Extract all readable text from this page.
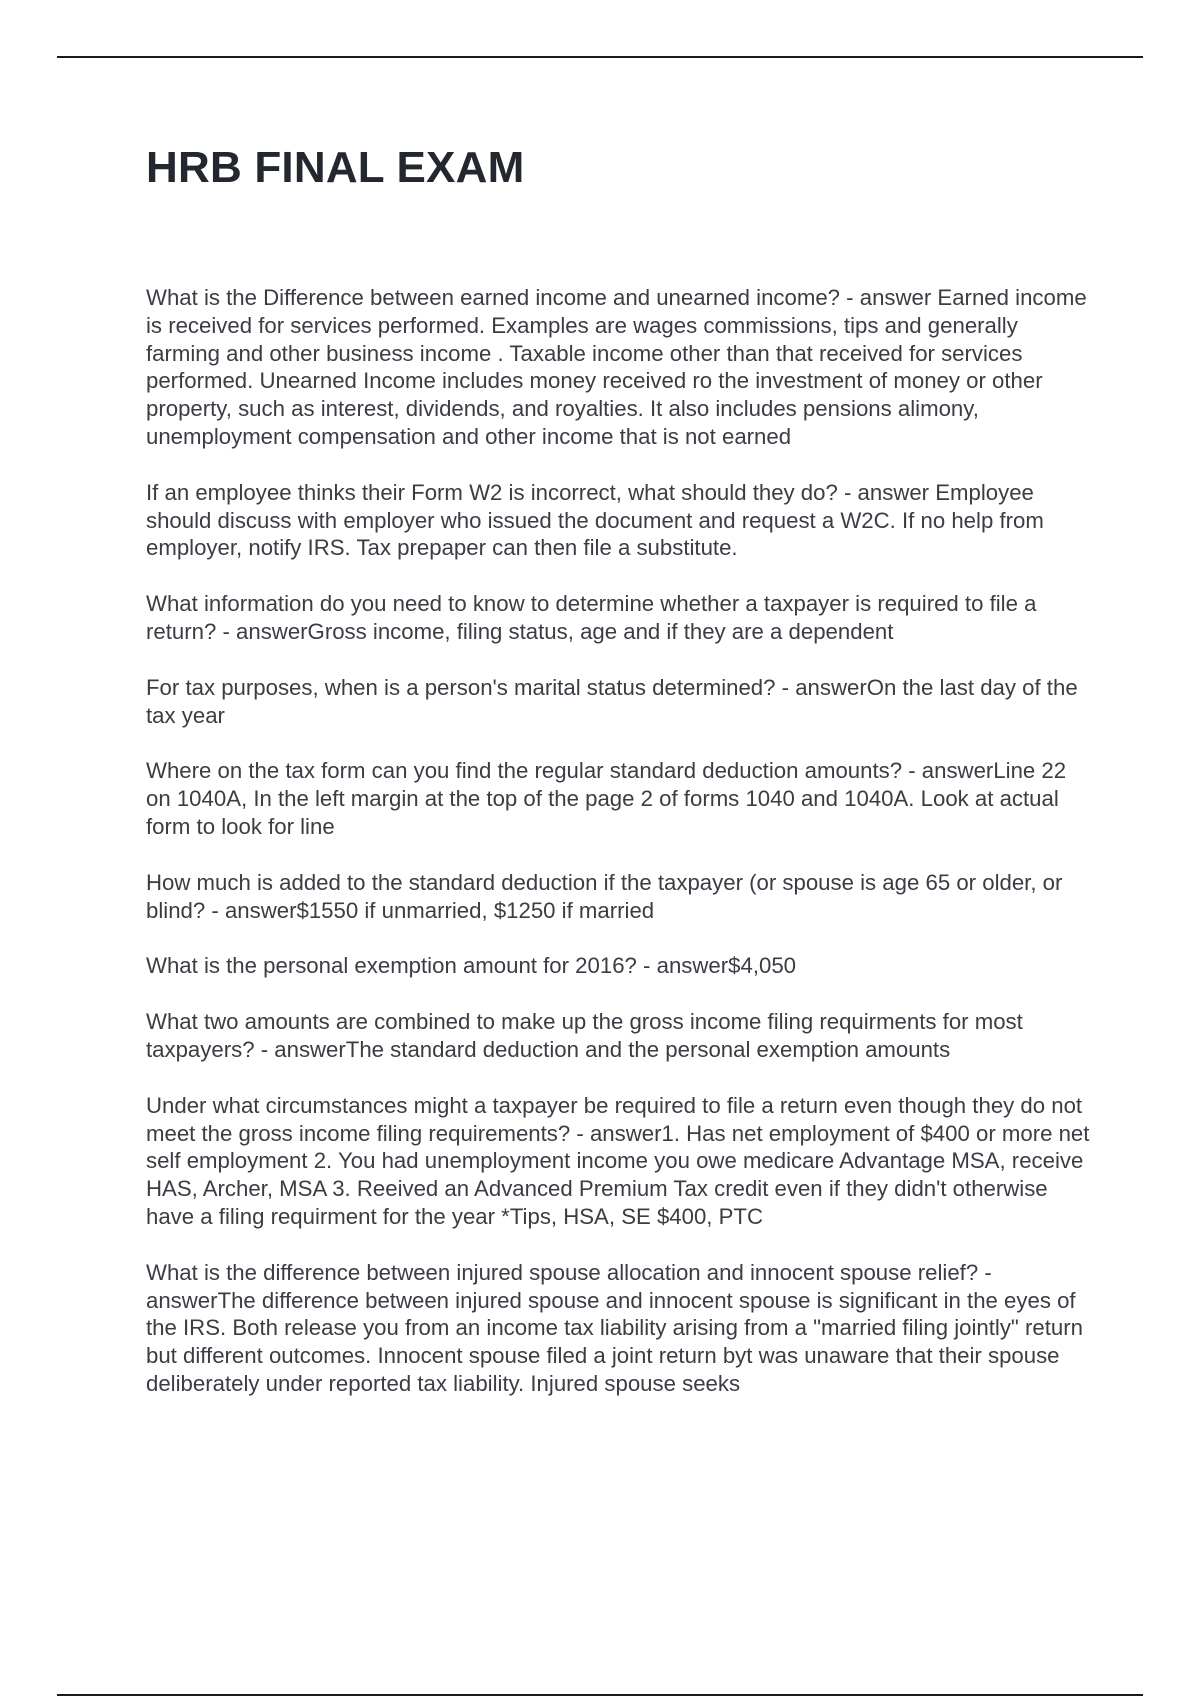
HRB FINAL EXAM

What is the Difference between earned income and unearned income? - answer Earned income is received for services performed. Examples are wages commissions, tips and generally farming and other business income . Taxable income other than that received for services performed. Unearned Income includes money received ro the investment of money or other property, such as interest, dividends, and royalties. It also includes pensions alimony, unemployment compensation and other income that is not earned

If an employee thinks their Form W2 is incorrect, what should they do? - answer Employee should discuss with employer who issued the document and request a W2C. If no help from employer, notify IRS. Tax prepaper can then file a substitute.

What information do you need to know to determine whether a taxpayer is required to file a return? - answerGross income, filing status, age and if they are a dependent

For tax purposes, when is a person's marital status determined? - answerOn the last day of the tax year

Where on the tax form can you find the regular standard deduction amounts? - answerLine 22 on 1040A, In the left margin at the top of the page 2 of forms 1040 and 1040A. Look at actual form to look for line

How much is added to the standard deduction if the taxpayer (or spouse is age 65 or older, or blind? - answer$1550 if unmarried, $1250 if married

What is the personal exemption amount for 2016? - answer$4,050

What two amounts are combined to make up the gross income filing requirments for most taxpayers? - answerThe standard deduction and the personal exemption amounts

Under what circumstances might a taxpayer be required to file a return even though they do not meet the gross income filing requirements? - answer1. Has net employment of $400 or more net self employment 2. You had unemployment income you owe medicare Advantage MSA, receive HAS, Archer, MSA 3. Reeived an Advanced Premium Tax credit even if they didn't otherwise have a filing requirment for the year *Tips, HSA, SE $400, PTC

What is the difference between injured spouse allocation and innocent spouse relief? - answerThe difference between injured spouse and innocent spouse is significant in the eyes of the IRS. Both release you from an income tax liability arising from a "married filing jointly" return but different outcomes. Innocent spouse filed a joint return byt was unaware that their spouse deliberately under reported tax liability. Injured spouse seeks
